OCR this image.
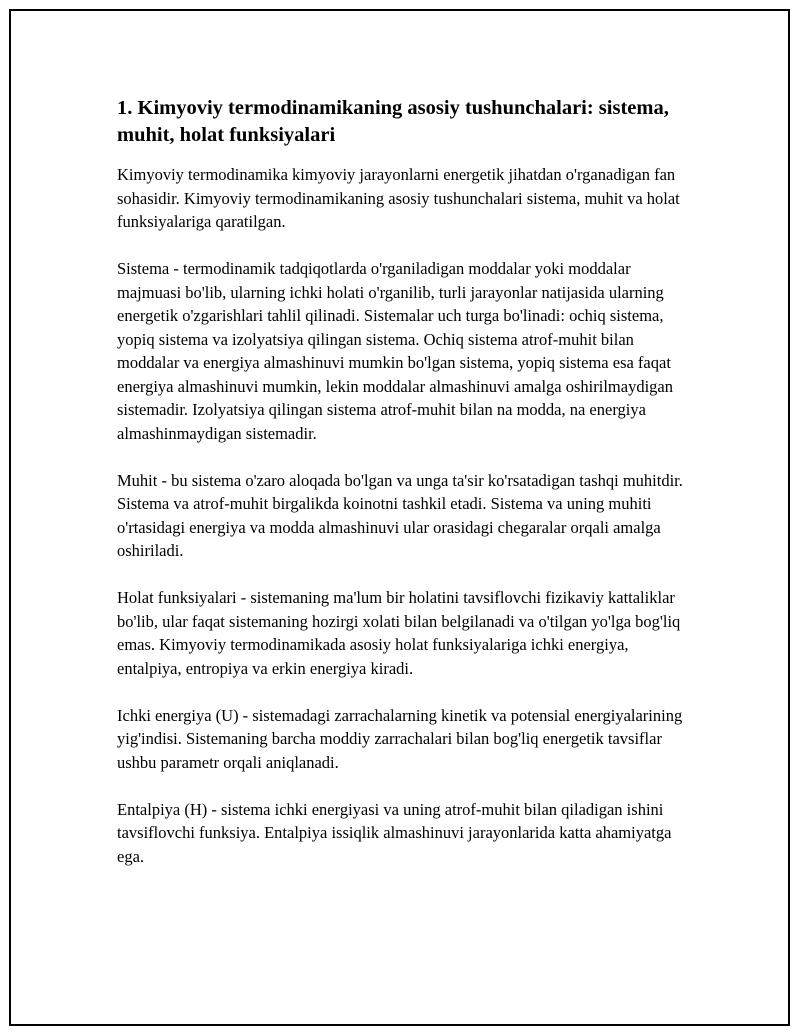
1. Kimyoviy termodinamikaning asosiy tushunchalari: sistema, muhit, holat funksiyalari

Kimyoviy termodinamika kimyoviy jarayonlarni energetik jihatdan o'rganadigan fan sohasidir. Kimyoviy termodinamikaning asosiy tushunchalari sistema, muhit va holat funksiyalariga qaratilgan.

Sistema - termodinamik tadqiqotlarda o'rganiladigan moddalar yoki moddalar majmuasi bo'lib, ularning ichki holati o'rganilib, turli jarayonlar natijasida ularning energetik o'zgarishlari tahlil qilinadi. Sistemalar uch turga bo'linadi: ochiq sistema, yopiq sistema va izolyatsiya qilingan sistema. Ochiq sistema atrof-muhit bilan moddalar va energiya almashinuvi mumkin bo'lgan sistema, yopiq sistema esa faqat energiya almashinuvi mumkin, lekin moddalar almashinuvi amalga oshirilmaydigan sistemadir. Izolyatsiya qilingan sistema atrof-muhit bilan na modda, na energiya almashinmaydigan sistemadir.

Muhit - bu sistema o'zaro aloqada bo'lgan va unga ta'sir ko'rsatadigan tashqi muhitdir. Sistema va atrof-muhit birgalikda koinotni tashkil etadi. Sistema va uning muhiti o'rtasidagi energiya va modda almashinuvi ular orasidagi chegaralar orqali amalga oshiriladi.

Holat funksiyalari - sistemaning ma'lum bir holatini tavsiflovchi fizikaviy kattaliklar bo'lib, ular faqat sistemaning hozirgi xolati bilan belgilanadi va o'tilgan yo'lga bog'liq emas. Kimyoviy termodinamikada asosiy holat funksiyalariga ichki energiya, entalpiya, entropiya va erkin energiya kiradi.

Ichki energiya (U) - sistemadagi zarrachalarning kinetik va potensial energiyalarining yig'indisi. Sistemaning barcha moddiy zarrachalari bilan bog'liq energetik tavsiflar ushbu parametr orqali aniqlanadi.

Entalpiya (H) - sistema ichki energiyasi va uning atrof-muhit bilan qiladigan ishini tavsiflovchi funksiya. Entalpiya issiqlik almashinuvi jarayonlarida katta ahamiyatga ega.
